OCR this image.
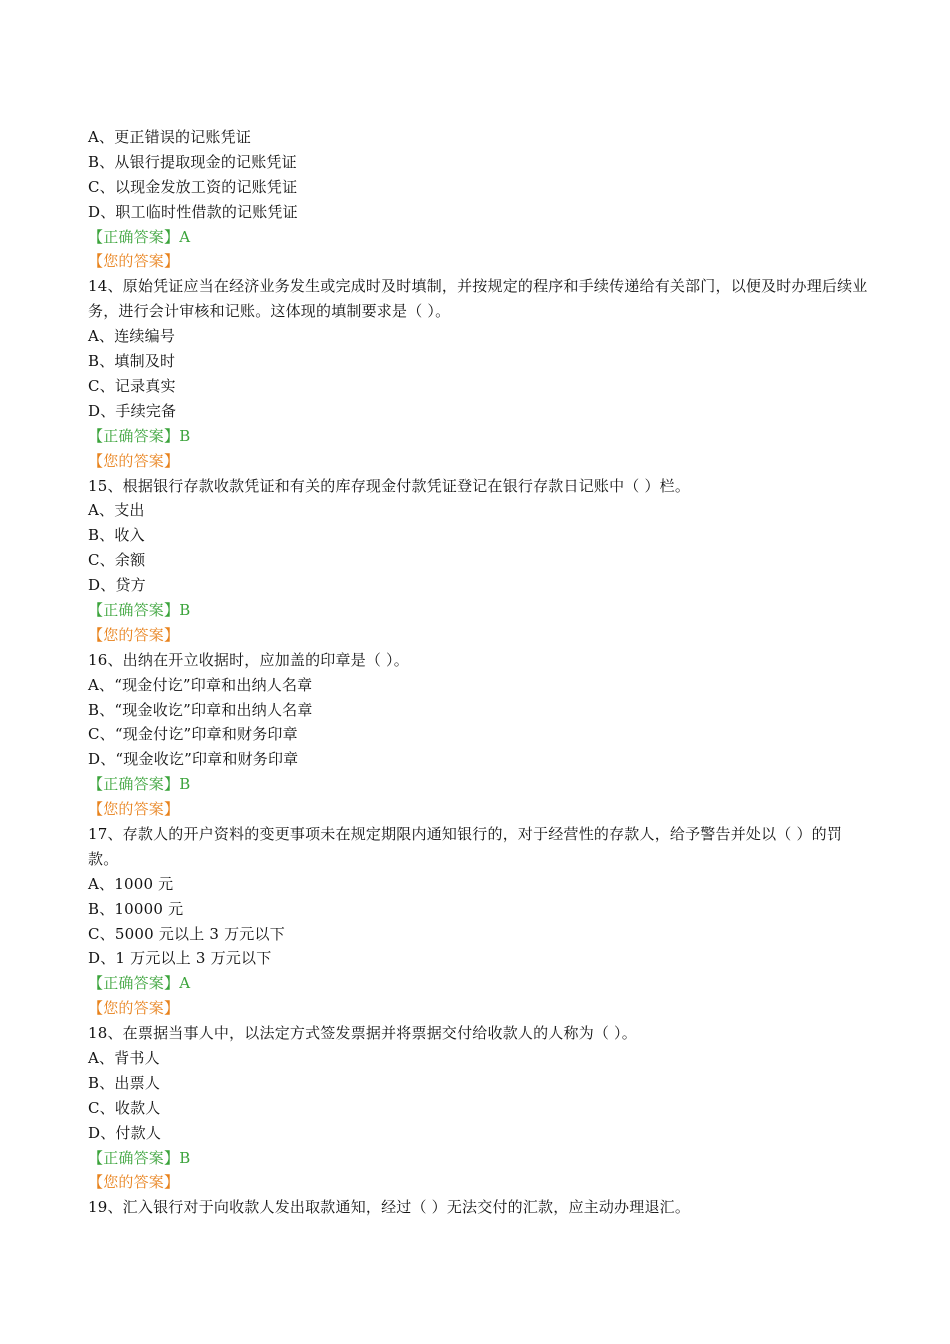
A、更正错误的记账凭证
B、从银行提取现金的记账凭证
C、以现金发放工资的记账凭证
D、职工临时性借款的记账凭证
【正确答案】A
【您的答案】
14、原始凭证应当在经济业务发生或完成时及时填制，并按规定的程序和手续传递给有关部门，以便及时办理后续业务，进行会计审核和记账。这体现的填制要求是（ ）。
A、连续编号
B、填制及时
C、记录真实
D、手续完备
【正确答案】B
【您的答案】
15、根据银行存款收款凭证和有关的库存现金付款凭证登记在银行存款日记账中（ ）栏。
A、支出
B、收入
C、余额
D、贷方
【正确答案】B
【您的答案】
16、出纳在开立收据时，应加盖的印章是（ ）。
A、“现金付讫”印章和出纳人名章
B、“现金收讫”印章和出纳人名章
C、“现金付讫”印章和财务印章
D、“现金收讫”印章和财务印章
【正确答案】B
【您的答案】
17、存款人的开户资料的变更事项未在规定期限内通知银行的，对于经营性的存款人，给予警告并处以（ ）的罚款。
A、1000 元
B、10000 元
C、5000 元以上 3 万元以下
D、1 万元以上 3 万元以下
【正确答案】A
【您的答案】
18、在票据当事人中，以法定方式签发票据并将票据交付给收款人的人称为（ ）。
A、背书人
B、出票人
C、收款人
D、付款人
【正确答案】B
【您的答案】
19、汇入银行对于向收款人发出取款通知，经过（ ）无法交付的汇款，应主动办理退汇。
